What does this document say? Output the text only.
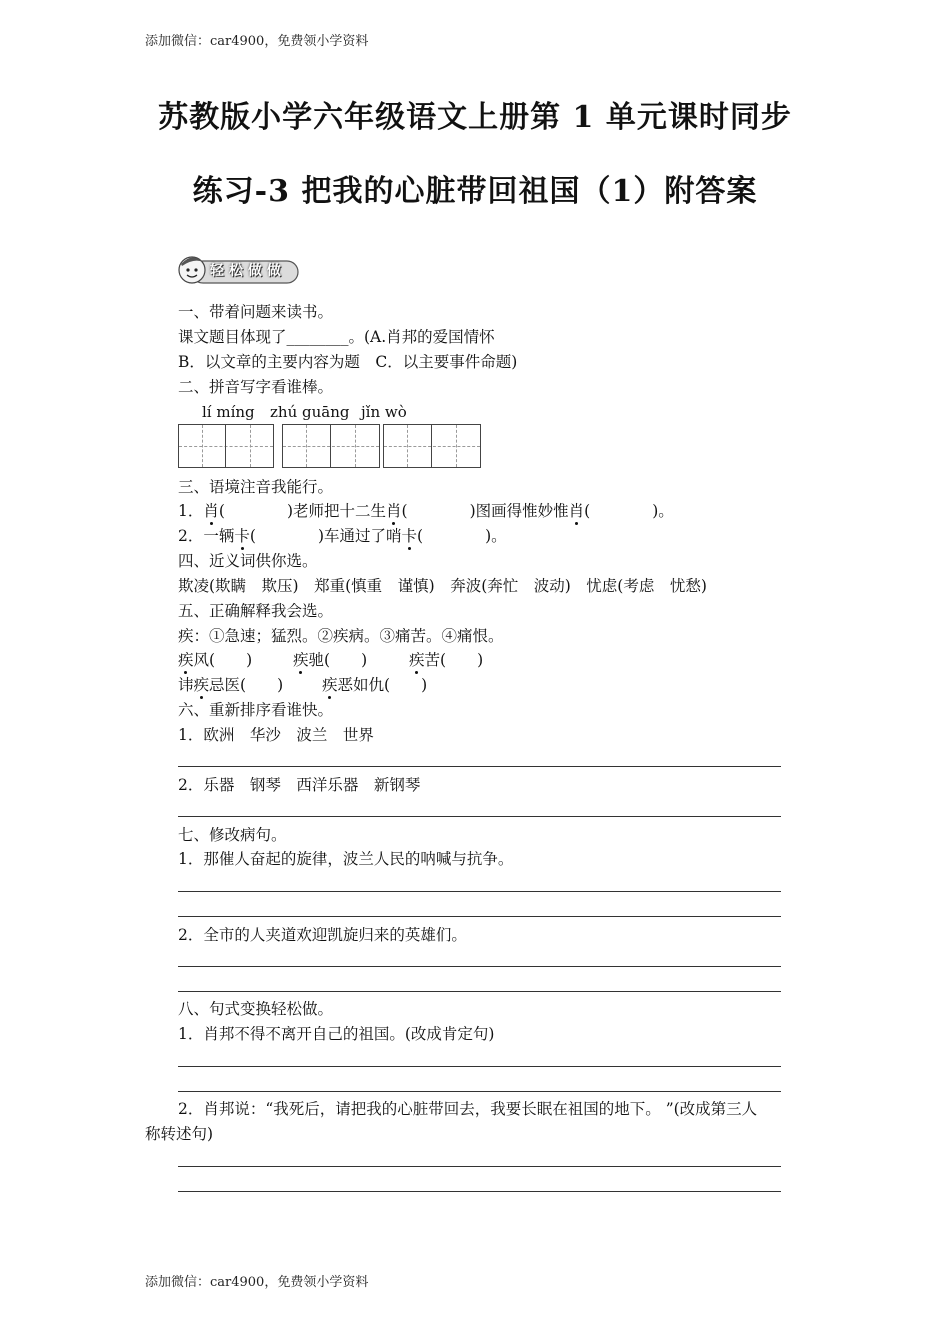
添加微信：car4900，免费领小学资料
苏教版小学六年级语文上册第 1 单元课时同步
练习-3 把我的心脏带回祖国（1）附答案
轻松做做
一、带着问题来读书。
课文题目体现了________。(A.肖邦的爱国情怀
B．以文章的主要内容为题　C．以主要事件命题)
二、拼音写字看谁棒。
lí míng zhú guāng jǐn wò
三、语境注音我能行。
1．肖(　　　　)老师把十二生肖(　　　　)图画得惟妙惟肖(　　　　)。
2．一辆卡(　　　　)车通过了哨卡(　　　　)。
四、近义词供你选。
欺凌(欺瞒　欺压)　郑重(慎重　谨慎)　奔波(奔忙　波动)　忧虑(考虑　忧愁)
五、正确解释我会选。
疾：①急速；猛烈。②疾病。③痛苦。④痛恨。
疾风(　　)	疾驰(　　)	疾苦(　　)
讳疾忌医(　　)	疾恶如仇(　　)
六、重新排序看谁快。
1．欧洲　华沙　波兰　世界
2．乐器　钢琴　西洋乐器　新钢琴
七、修改病句。
1．那催人奋起的旋律，波兰人民的呐喊与抗争。
2．全市的人夹道欢迎凯旋归来的英雄们。
八、句式变换轻松做。
1．肖邦不得不离开自己的祖国。(改成肯定句)
2．肖邦说：“我死后，请把我的心脏带回去，我要长眠在祖国的地下。 ”(改成第三人
称转述句)
添加微信：car4900，免费领小学资料
